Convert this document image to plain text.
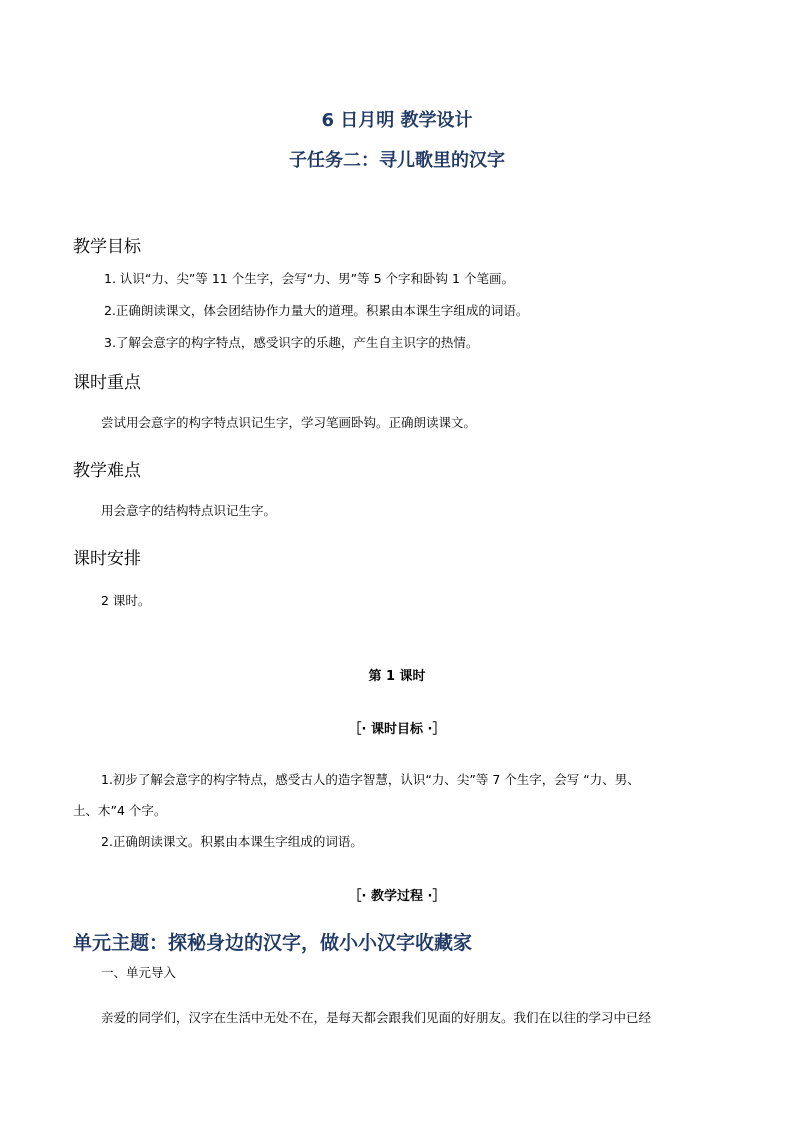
6 日月明 教学设计
子任务二：寻儿歌里的汉字
教学目标
1. 认识“力、尖”等 11 个生字，会写“力、男”等 5 个字和卧钩 1 个笔画。
2.正确朗读课文，体会团结协作力量大的道理。积累由本课生字组成的词语。
3.了解会意字的构字特点，感受识字的乐趣，产生自主识字的热情。
课时重点
尝试用会意字的构字特点识记生字，学习笔画卧钩。正确朗读课文。
教学难点
用会意字的结构特点识记生字。
课时安排
2 课时。
第 1 课时
［· 课时目标 ·］
1.初步了解会意字的构字特点，感受古人的造字智慧，认识“力、尖”等 7 个生字，会写 “力、男、
土、木”4 个字。
2.正确朗读课文。积累由本课生字组成的词语。
［· 教学过程 ·］
单元主题：探秘身边的汉字，做小小汉字收藏家
一、单元导入
亲爱的同学们，汉字在生活中无处不在，是每天都会跟我们见面的好朋友。我们在以往的学习中已经
